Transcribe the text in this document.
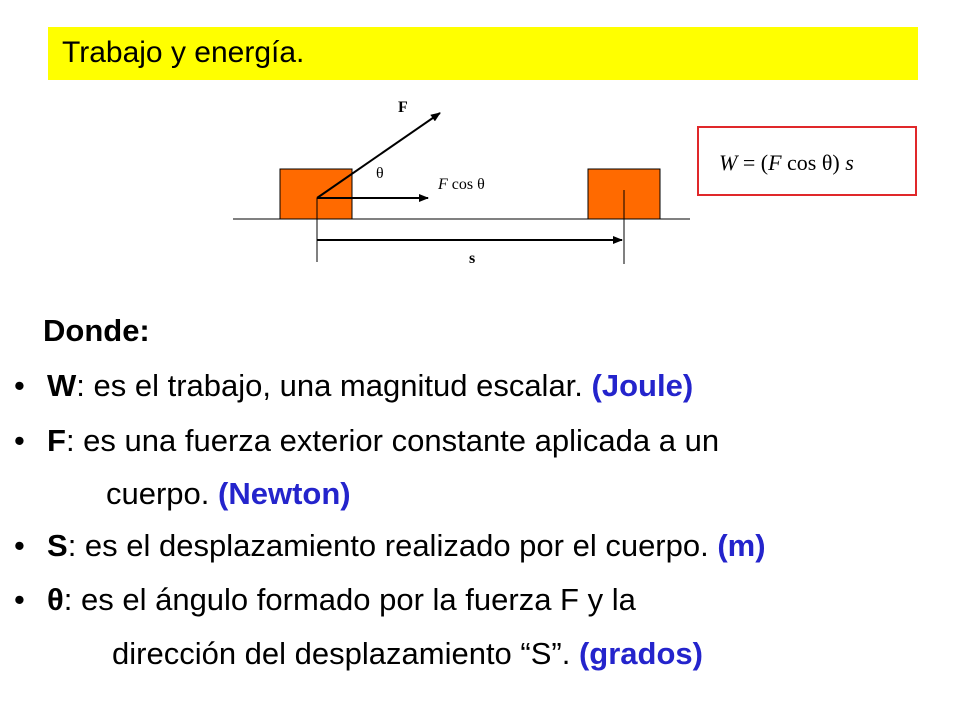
Trabajo y energía.
F
θ
F cos θ
s
W = (F cos θ) s
Donde:
• W: es el trabajo, una magnitud escalar. (Joule)
• F: es una fuerza exterior constante aplicada a un
cuerpo. (Newton)
• S: es el desplazamiento realizado por el cuerpo. (m)
• θ: es el ángulo formado por la fuerza F y la
dirección del desplazamiento “S”. (grados)
